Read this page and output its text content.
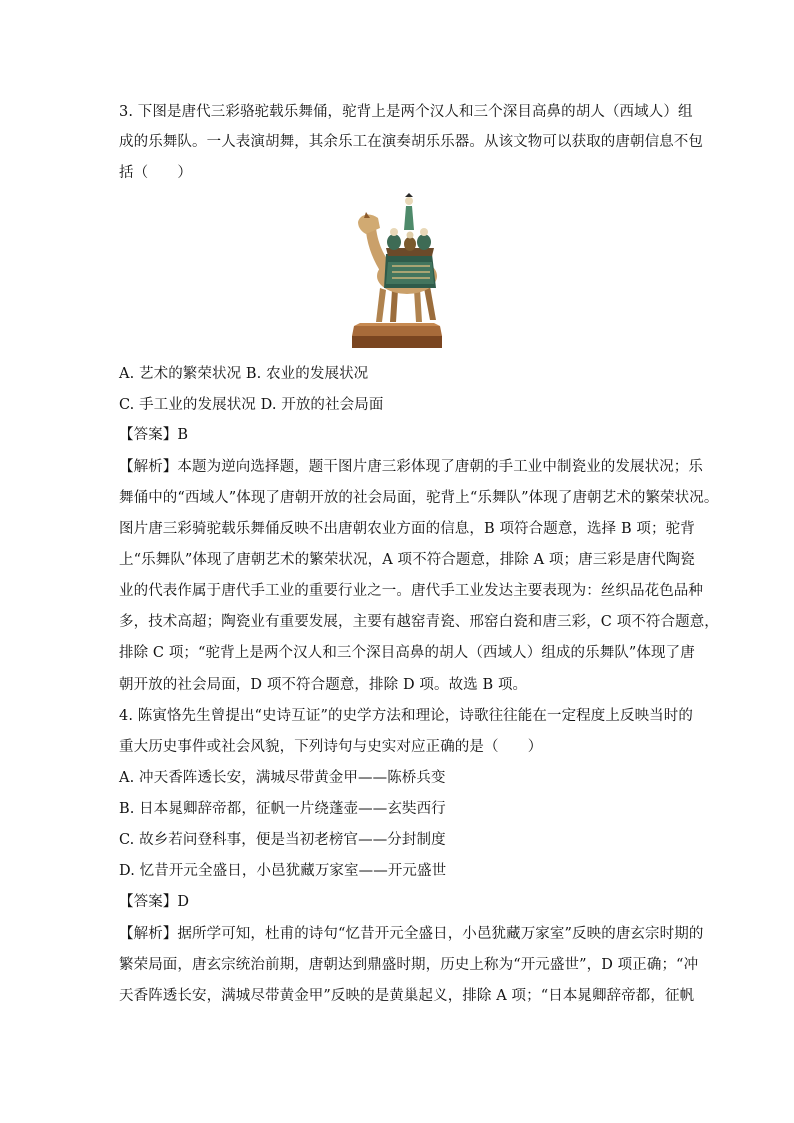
3. 下图是唐代三彩骆驼载乐舞俑，驼背上是两个汉人和三个深目高鼻的胡人（西域人）组
成的乐舞队。一人表演胡舞，其余乐工在演奏胡乐乐器。从该文物可以获取的唐朝信息不包
括（　　）
A. 艺术的繁荣状况 B. 农业的发展状况
C. 手工业的发展状况 D. 开放的社会局面
【答案】B
【解析】本题为逆向选择题，题干图片唐三彩体现了唐朝的手工业中制瓷业的发展状况；乐
舞俑中的“西域人”体现了唐朝开放的社会局面，驼背上“乐舞队”体现了唐朝艺术的繁荣状况。
图片唐三彩骑驼载乐舞俑反映不出唐朝农业方面的信息，B 项符合题意，选择 B 项；驼背
上“乐舞队”体现了唐朝艺术的繁荣状况，A 项不符合题意，排除 A 项；唐三彩是唐代陶瓷
业的代表作属于唐代手工业的重要行业之一。唐代手工业发达主要表现为：丝织品花色品种
多，技术高超；陶瓷业有重要发展，主要有越窑青瓷、邢窑白瓷和唐三彩，C 项不符合题意，
排除 C 项；“驼背上是两个汉人和三个深目高鼻的胡人（西域人）组成的乐舞队”体现了唐
朝开放的社会局面，D 项不符合题意，排除 D 项。故选 B 项。
4. 陈寅恪先生曾提出“史诗互证”的史学方法和理论，诗歌往往能在一定程度上反映当时的
重大历史事件或社会风貌，下列诗句与史实对应正确的是（　　）
A. 冲天香阵透长安，满城尽带黄金甲——陈桥兵变
B. 日本晁卿辞帝都，征帆一片绕蓬壶——玄奘西行
C. 故乡若问登科事，便是当初老榜官——分封制度
D. 忆昔开元全盛日，小邑犹藏万家室——开元盛世
【答案】D
【解析】据所学可知，杜甫的诗句“忆昔开元全盛日，小邑犹藏万家室”反映的唐玄宗时期的
繁荣局面，唐玄宗统治前期，唐朝达到鼎盛时期，历史上称为“开元盛世”，D 项正确；“冲
天香阵透长安，满城尽带黄金甲”反映的是黄巢起义，排除 A 项；“日本晁卿辞帝都，征帆
